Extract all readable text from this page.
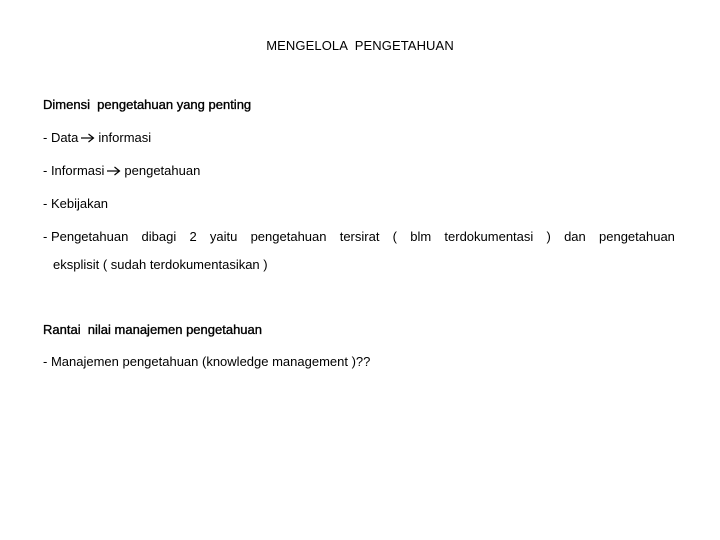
MENGELOLA  PENGETAHUAN
Dimensi  pengetahuan yang penting
- Data informasi
- Informasi pengetahuan
- Kebijakan
- Pengetahuan dibagi 2 yaitu pengetahuan tersirat ( blm terdokumentasi ) dan pengetahuan
eksplisit ( sudah terdokumentasikan )
Rantai  nilai manajemen pengetahuan
- Manajemen pengetahuan (knowledge management )??
